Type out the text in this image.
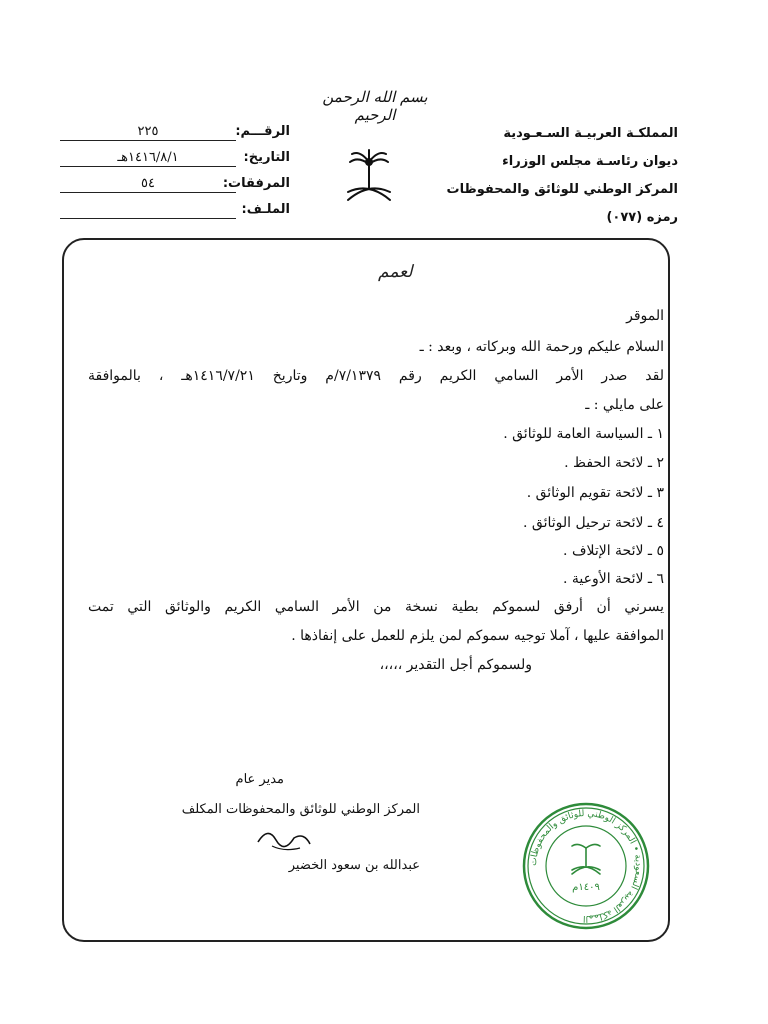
بسم الله الرحمن الرحيم
المملكـة العربيـة السـعـودية
ديوان رئاسـة مجلس الوزراء
المركز الوطني للوثائق والمحفوظات
رمزه (٠٧٧)
الرقـــم:
٢٢٥
التاريخ:
١٤١٦/٨/١هـ
المرفقات:
٥٤
الملـف:
لعمم
الموقر
السلام عليكم ورحمة الله وبركاته ، وبعد : ـ
لقد صدر الأمر السامي الكريم رقم ٧/١٣٧٩/م وتاريخ ١٤١٦/٧/٢١هـ ، بالموافقة
على مايلي : ـ
١ ـ السياسة العامة للوثائق .
٢ ـ لائحة الحفظ .
٣ ـ لائحة تقويم الوثائق .
٤ ـ لائحة ترحيل الوثائق .
٥ ـ لائحة الإتلاف .
٦ ـ لائحة الأوعية .
يسرني أن أرفق لسموكم بطية نسخة من الأمر السامي الكريم والوثائق التي تمت
الموافقة عليها ، آملا توجيه سموكم لمن يلزم للعمل على إنفاذها .
ولسموكم أجل التقدير ،،،،،
مدير عام
المركز الوطني للوثائق والمحفوظات المكلف
عبدالله بن سعود الخضير	المملكة العربية السعودية • المركز الوطني للوثائق والمحفوظات
١٤٠٩م
